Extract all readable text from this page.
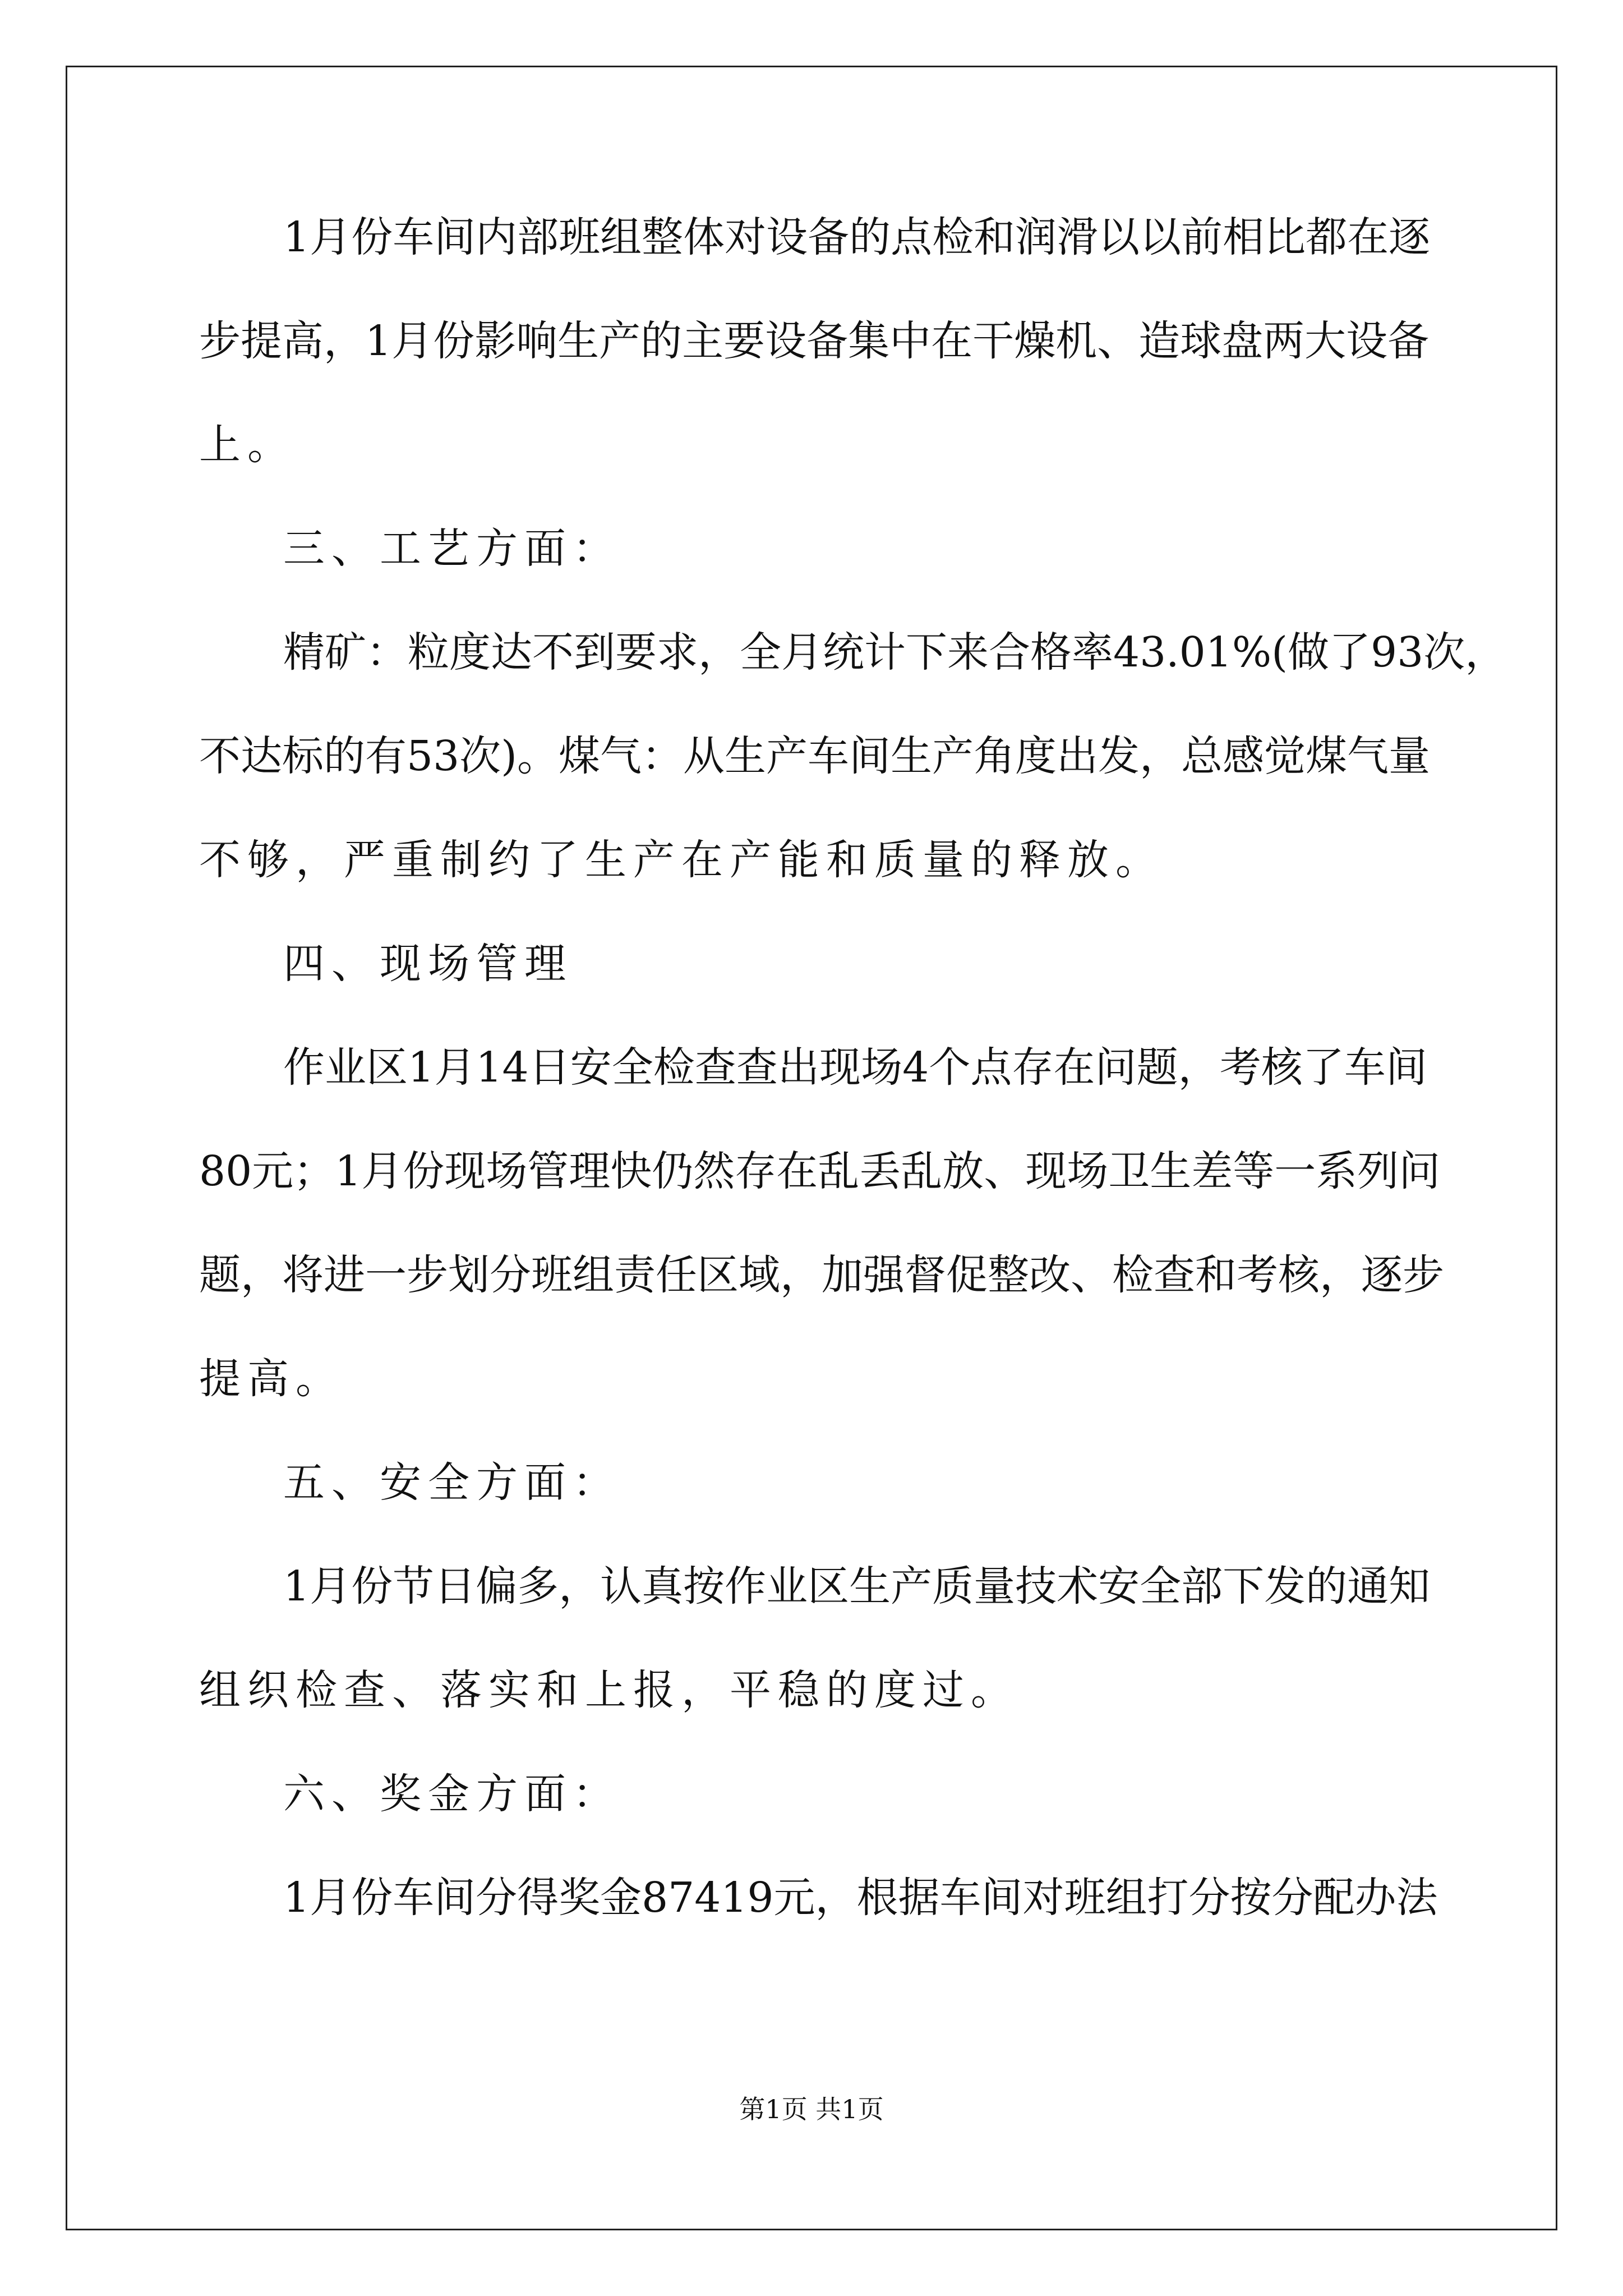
1月份车间内部班组整体对设备的点检和润滑以以前相比都在逐
步提高，1月份影响生产的主要设备集中在干燥机、造球盘两大设备
上。
三、工艺方面：
精矿：粒度达不到要求，全月统计下来合格率43.01%(做了93次，
不达标的有53次)。煤气：从生产车间生产角度出发，总感觉煤气量
不够，严重制约了生产在产能和质量的释放。
四、现场管理
作业区1月14日安全检查查出现场4个点存在问题，考核了车间
80元；1月份现场管理快仍然存在乱丢乱放、现场卫生差等一系列问
题，将进一步划分班组责任区域，加强督促整改、检查和考核，逐步
提高。
五、安全方面：
1月份节日偏多，认真按作业区生产质量技术安全部下发的通知
组织检查、落实和上报，平稳的度过。
六、奖金方面：
1月份车间分得奖金87419元，根据车间对班组打分按分配办法
第1页 共1页
